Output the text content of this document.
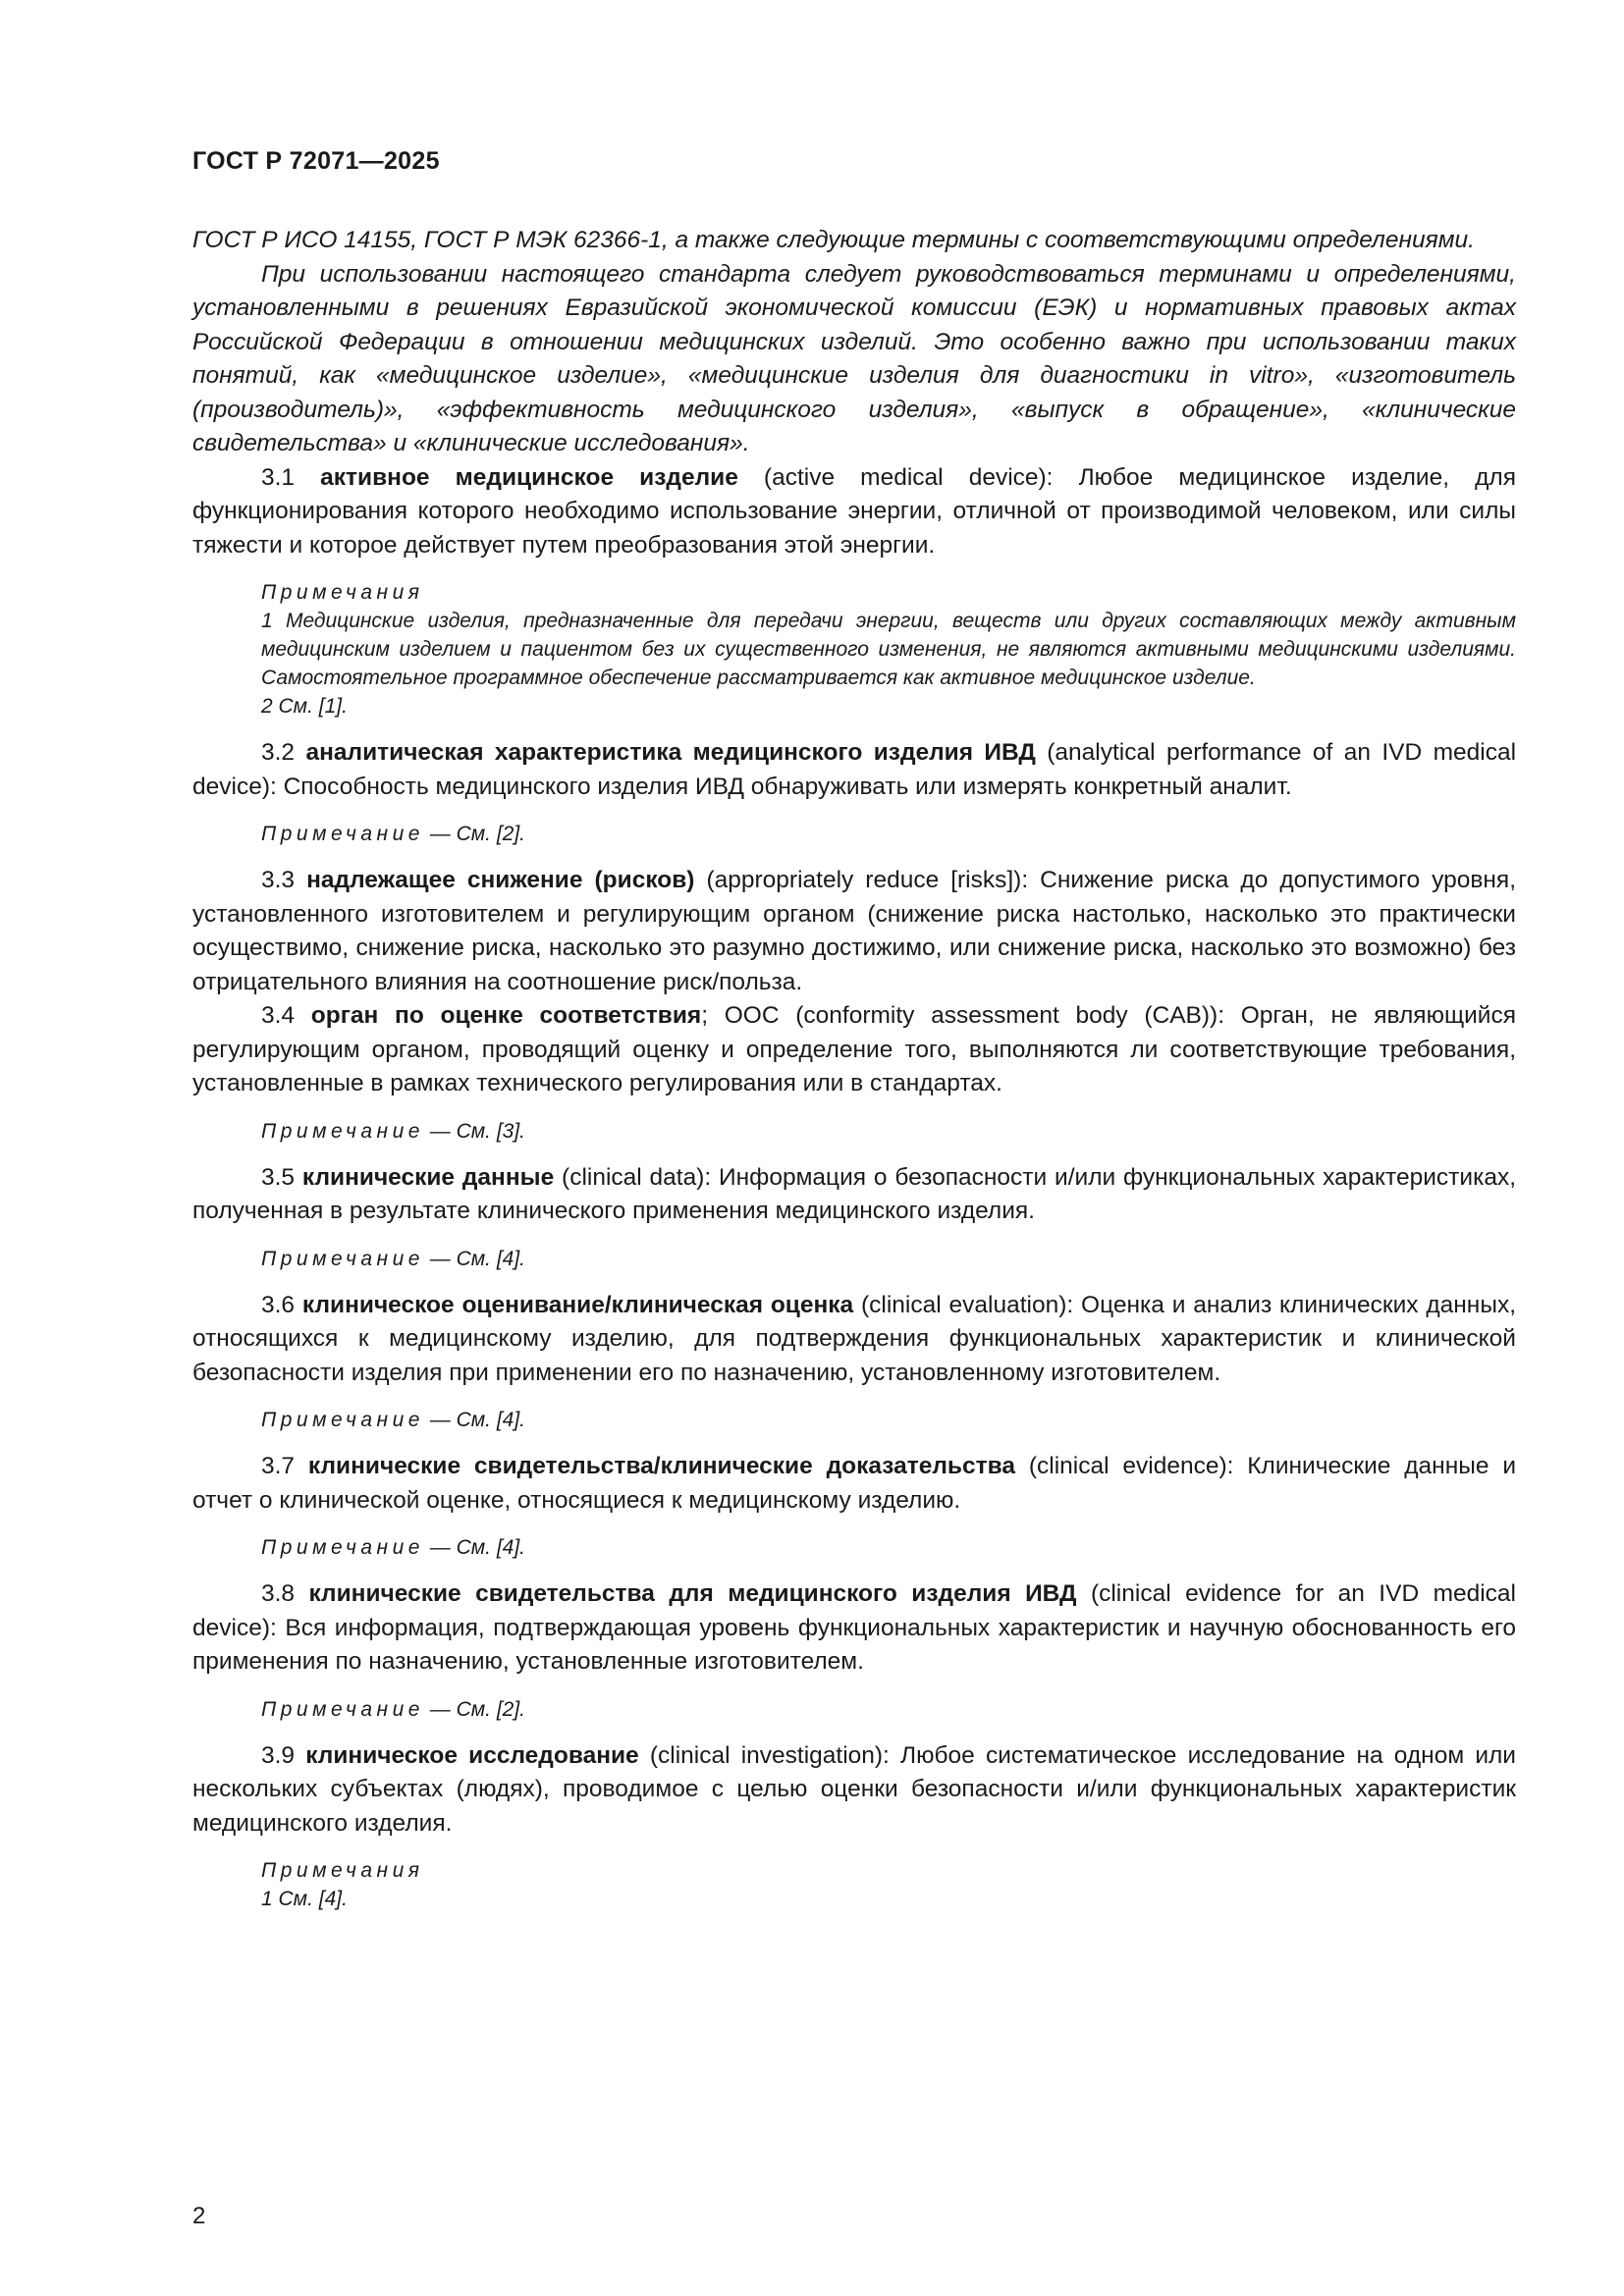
ГОСТ Р 72071—2025

ГОСТ Р ИСО 14155, ГОСТ Р МЭК 62366-1, а также следующие термины с соответствующими определениями.

При использовании настоящего стандарта следует руководствоваться терминами и определениями, установленными в решениях Евразийской экономической комиссии (ЕЭК) и нормативных правовых актах Российской Федерации в отношении медицинских изделий. Это особенно важно при использовании таких понятий, как «медицинское изделие», «медицинские изделия для диагностики in vitro», «изготовитель (производитель)», «эффективность медицинского изделия», «выпуск в обращение», «клинические свидетельства» и «клинические исследования».

3.1 активное медицинское изделие (active medical device): Любое медицинское изделие, для функционирования которого необходимо использование энергии, отличной от производимой человеком, или силы тяжести и которое действует путем преобразования этой энергии.

Примечания

1 Медицинские изделия, предназначенные для передачи энергии, веществ или других составляющих между активным медицинским изделием и пациентом без их существенного изменения, не являются активными медицинскими изделиями. Самостоятельное программное обеспечение рассматривается как активное медицинское изделие.

2 См. [1].

3.2 аналитическая характеристика медицинского изделия ИВД (analytical performance of an IVD medical device): Способность медицинского изделия ИВД обнаруживать или измерять конкретный аналит.

Примечание — См. [2].

3.3 надлежащее снижение (рисков) (appropriately reduce [risks]): Снижение риска до допустимого уровня, установленного изготовителем и регулирующим органом (снижение риска настолько, насколько это практически осуществимо, снижение риска, насколько это разумно достижимо, или снижение риска, насколько это возможно) без отрицательного влияния на соотношение риск/польза.

3.4 орган по оценке соответствия; ООС (conformity assessment body (CAB)): Орган, не являющийся регулирующим органом, проводящий оценку и определение того, выполняются ли соответствующие требования, установленные в рамках технического регулирования или в стандартах.

Примечание — См. [3].

3.5 клинические данные (clinical data): Информация о безопасности и/или функциональных характеристиках, полученная в результате клинического применения медицинского изделия.

Примечание — См. [4].

3.6 клиническое оценивание/клиническая оценка (clinical evaluation): Оценка и анализ клинических данных, относящихся к медицинскому изделию, для подтверждения функциональных характеристик и клинической безопасности изделия при применении его по назначению, установленному изготовителем.

Примечание — См. [4].

3.7 клинические свидетельства/клинические доказательства (clinical evidence): Клинические данные и отчет о клинической оценке, относящиеся к медицинскому изделию.

Примечание — См. [4].

3.8 клинические свидетельства для медицинского изделия ИВД (clinical evidence for an IVD medical device): Вся информация, подтверждающая уровень функциональных характеристик и научную обоснованность его применения по назначению, установленные изготовителем.

Примечание — См. [2].

3.9 клиническое исследование (clinical investigation): Любое систематическое исследование на одном или нескольких субъектах (людях), проводимое с целью оценки безопасности и/или функциональных характеристик медицинского изделия.

Примечания

1 См. [4].

2
